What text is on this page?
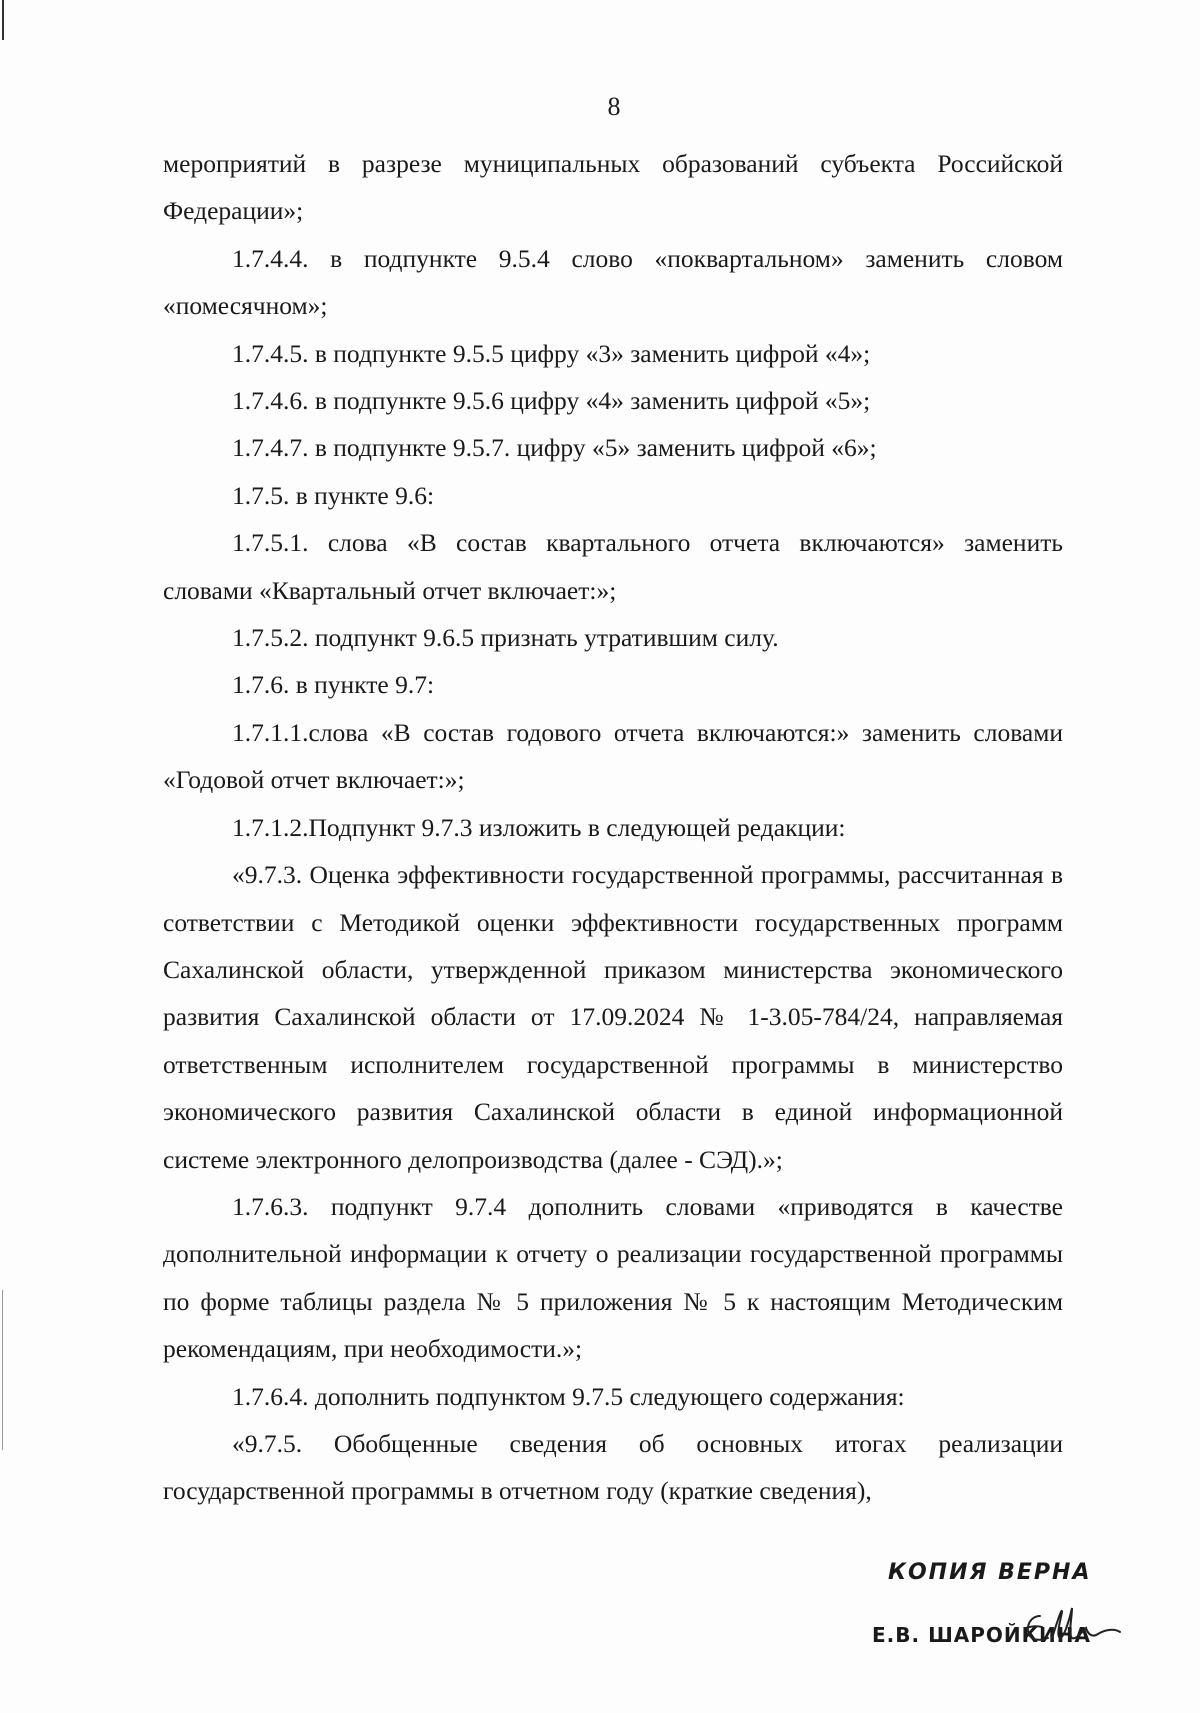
8

мероприятий в разрезе муниципальных образований субъекта Российской Федерации»;

1.7.4.4. в подпункте 9.5.4 слово «поквартальном» заменить словом «помесячном»;

1.7.4.5. в подпункте 9.5.5 цифру «3» заменить цифрой «4»;

1.7.4.6. в подпункте 9.5.6 цифру «4» заменить цифрой «5»;

1.7.4.7. в подпункте 9.5.7. цифру «5» заменить цифрой «6»;

1.7.5. в пункте 9.6:

1.7.5.1. слова «В состав квартального отчета включаются» заменить словами «Квартальный отчет включает:»;

1.7.5.2. подпункт 9.6.5 признать утратившим силу.

1.7.6. в пункте 9.7:

1.7.1.1.слова «В состав годового отчета включаются:» заменить словами «Годовой отчет включает:»;

1.7.1.2.Подпункт 9.7.3 изложить в следующей редакции:

«9.7.3. Оценка эффективности государственной программы, рассчитанная в сответствии с Методикой оценки эффективности государственных программ Сахалинской области, утвержденной приказом министерства экономического развития Сахалинской области от 17.09.2024 № 1-3.05-784/24, направляемая ответственным исполнителем государственной программы в министерство экономического развития Сахалинской области в единой информационной системе электронного делопроизводства (далее - СЭД).»;

1.7.6.3. подпункт 9.7.4 дополнить словами «приводятся в качестве дополнительной информации к отчету о реализации государственной программы по форме таблицы раздела № 5 приложения № 5 к настоящим Методическим рекомендациям, при необходимости.»;

1.7.6.4. дополнить подпунктом 9.7.5 следующего содержания:

«9.7.5. Обобщенные сведения об основных итогах реализации государственной программы в отчетном году (краткие сведения),

КОПИЯ ВЕРНА
Е.В. ШАРОЙКИНА
